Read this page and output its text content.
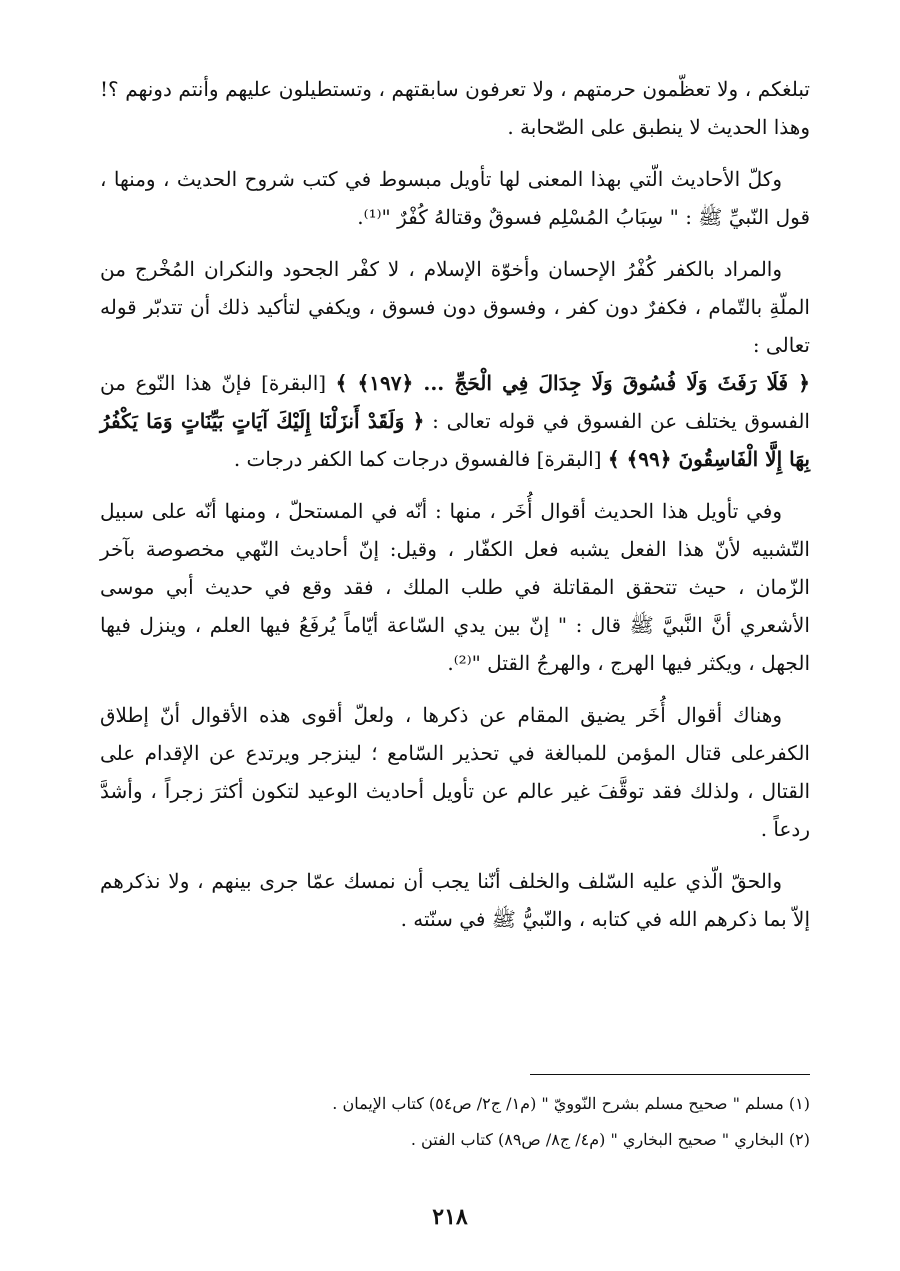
تبلغكم ، ولا تعظّمون حرمتهم ، ولا تعرفون سابقتهم ، وتستطيلون عليهم وأنتم دونهم ؟! وهذا الحديث لا ينطبق على الصّحابة .

وكلّ الأحاديث الّتي بهذا المعنى لها تأويل مبسوط في كتب شروح الحديث ، ومنها ، قول النّبيِّ ﷺ : " سِبَابُ المُسْلِم فسوقٌ وقتالهُ كُفْرٌ "⁽¹⁾.

والمراد بالكفر كُفْرُ الإحسان وأخوّة الإسلام ، لا كفْر الجحود والنكران المُخْرج من الملّةِ بالتّمام ، فكفرٌ دون كفر ، وفسوق دون فسوق ، ويكفي لتأكيد ذلك أن تتدبّر قوله تعالى :

﴿ فَلَا رَفَثَ وَلَا فُسُوقَ وَلَا جِدَالَ فِي الْحَجِّ ... ﴿١٩٧﴾ ﴾ [البقرة] فإنّ هذا النّوع من الفسوق يختلف عن الفسوق في قوله تعالى : ﴿ وَلَقَدْ أَنزَلْنَا إِلَيْكَ آيَاتٍ بَيِّنَاتٍ وَمَا يَكْفُرُ بِهَا إِلَّا الْفَاسِقُونَ ﴿٩٩﴾ ﴾ [البقرة] فالفسوق درجات كما الكفر درجات .

وفي تأويل هذا الحديث أقوال أُخَر ، منها : أنّه في المستحلّ ، ومنها أنّه على سبيل التّشبيه لأنّ هذا الفعل يشبه فعل الكفّار ، وقيل: إنّ أحاديث النّهي مخصوصة بآخر الزّمان ، حيث تتحقق المقاتلة في طلب الملك ، فقد وقع في حديث أبي موسى الأشعري أنَّ النَّبيَّ ﷺ قال : " إنّ بين يدي السّاعة أيّاماً يُرفَعُ فيها العلم ، وينزل فيها الجهل ، ويكثر فيها الهرج ، والهرجُ القتل "⁽²⁾.

وهناك أقوال أُخَر يضيق المقام عن ذكرها ، ولعلّ أقوى هذه الأقوال أنّ إطلاق الكفرعلى قتال المؤمن للمبالغة في تحذير السّامع ؛ لينزجر ويرتدع عن الإقدام على القتال ، ولذلك فقد توقَّفَ غير عالم عن تأويل أحاديث الوعيد لتكون أكثرَ زجراً ، وأشدَّ ردعاً .

والحقّ الّذي عليه السّلف والخلف أنّنا يجب أن نمسك عمّا جرى بينهم ، ولا نذكرهم إلاّ بما ذكرهم الله في كتابه ، والنّبيُّ ﷺ في سنّته .

(١) مسلم " صحيح مسلم بشرح النّوويّ " (م١/ ج٢/ ص٥٤) كتاب الإيمان .

(٢) البخاري " صحيح البخاري " (م٤/ ج٨/ ص٨٩) كتاب الفتن .

٢١٨
